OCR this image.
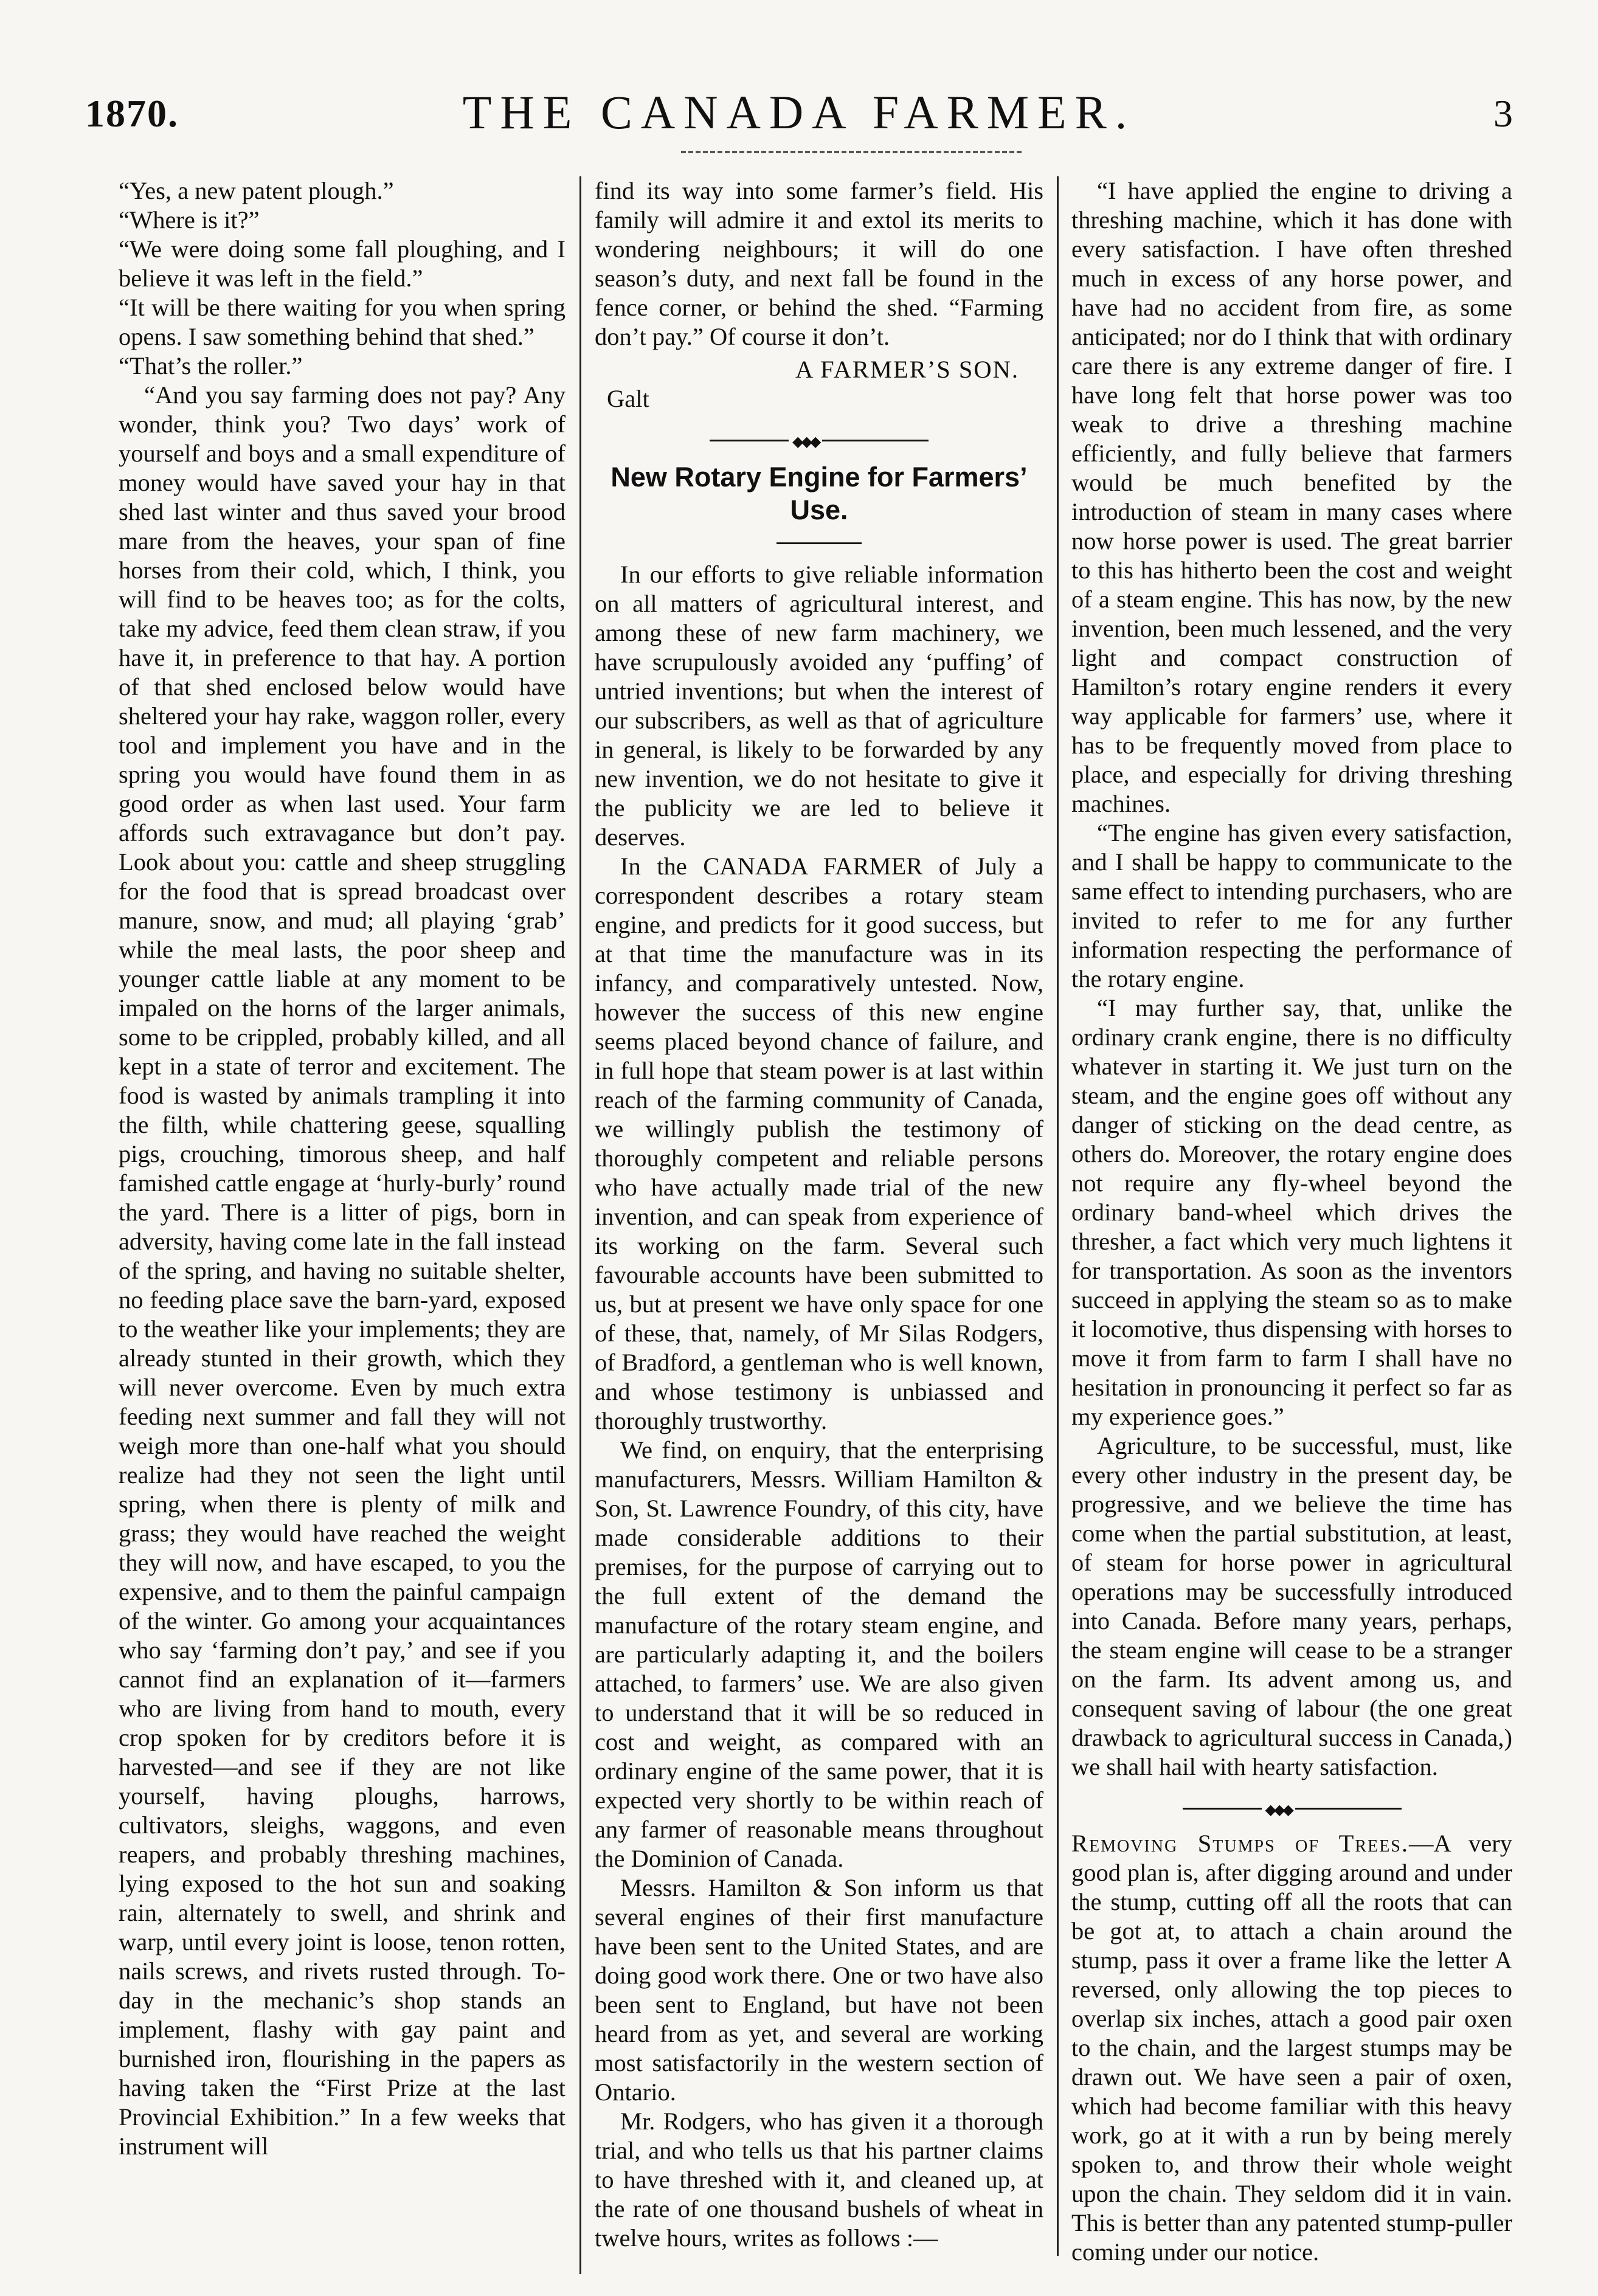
1870.	THE CANADA FARMER.	3

“Yes, a new patent plough.”

“Where is it?”

“We were doing some fall ploughing, and I believe it was left in the field.”

“It will be there waiting for you when spring opens. I saw something behind that shed.”

“That’s the roller.”

“And you say farming does not pay? Any wonder, think you? Two days’ work of yourself and boys and a small expenditure of money would have saved your hay in that shed last winter and thus saved your brood mare from the heaves, your span of fine horses from their cold, which, I think, you will find to be heaves too; as for the colts, take my advice, feed them clean straw, if you have it, in preference to that hay. A portion of that shed enclosed below would have sheltered your hay rake, waggon roller, every tool and implement you have and in the spring you would have found them in as good order as when last used. Your farm affords such extravagance but don’t pay. Look about you: cattle and sheep struggling for the food that is spread broadcast over manure, snow, and mud; all playing ‘grab’ while the meal lasts, the poor sheep and younger cattle liable at any moment to be impaled on the horns of the larger animals, some to be crippled, probably killed, and all kept in a state of terror and excitement. The food is wasted by animals trampling it into the filth, while chattering geese, squalling pigs, crouching, timorous sheep, and half famished cattle engage at ‘hurly-burly’ round the yard. There is a litter of pigs, born in adversity, having come late in the fall instead of the spring, and having no suitable shelter, no feeding place save the barn-yard, exposed to the weather like your implements; they are already stunted in their growth, which they will never overcome. Even by much extra feeding next summer and fall they will not weigh more than one-half what you should realize had they not seen the light until spring, when there is plenty of milk and grass; they would have reached the weight they will now, and have escaped, to you the expensive, and to them the painful campaign of the winter. Go among your acquaintances who say ‘farming don’t pay,’ and see if you cannot find an explanation of it—farmers who are living from hand to mouth, every crop spoken for by creditors before it is harvested—and see if they are not like yourself, having ploughs, harrows, cultivators, sleighs, waggons, and even reapers, and probably threshing machines, lying exposed to the hot sun and soaking rain, alternately to swell, and shrink and warp, until every joint is loose, tenon rotten, nails screws, and rivets rusted through. To-day in the mechanic’s shop stands an implement, flashy with gay paint and burnished iron, flourishing in the papers as having taken the “First Prize at the last Provincial Exhibition.” In a few weeks that instrument will

find its way into some farmer’s field. His family will admire it and extol its merits to wondering neighbours; it will do one season’s duty, and next fall be found in the fence corner, or behind the shed. “Farming don’t pay.” Of course it don’t.

A FARMER’S SON.
Galt
◆◆◆
New Rotary Engine for Farmers’ Use.

In our efforts to give reliable information on all matters of agricultural interest, and among these of new farm machinery, we have scrupulously avoided any ‘puffing’ of untried inventions; but when the interest of our subscribers, as well as that of agriculture in general, is likely to be forwarded by any new invention, we do not hesitate to give it the publicity we are led to believe it deserves.

In the CANADA FARMER of July a correspondent describes a rotary steam engine, and predicts for it good success, but at that time the manufacture was in its infancy, and comparatively untested. Now, however the success of this new engine seems placed beyond chance of failure, and in full hope that steam power is at last within reach of the farming community of Canada, we willingly publish the testimony of thoroughly competent and reliable persons who have actually made trial of the new invention, and can speak from experience of its working on the farm. Several such favourable accounts have been submitted to us, but at present we have only space for one of these, that, namely, of Mr Silas Rodgers, of Bradford, a gentleman who is well known, and whose testimony is unbiassed and thoroughly trustworthy.

We find, on enquiry, that the enterprising manufacturers, Messrs. William Hamilton & Son, St. Lawrence Foundry, of this city, have made considerable additions to their premises, for the purpose of carrying out to the full extent of the demand the manufacture of the rotary steam engine, and are particularly adapting it, and the boilers attached, to farmers’ use. We are also given to understand that it will be so reduced in cost and weight, as compared with an ordinary engine of the same power, that it is expected very shortly to be within reach of any farmer of reasonable means throughout the Dominion of Canada.

Messrs. Hamilton & Son inform us that several engines of their first manufacture have been sent to the United States, and are doing good work there. One or two have also been sent to England, but have not been heard from as yet, and several are working most satisfactorily in the western section of Ontario.

Mr. Rodgers, who has given it a thorough trial, and who tells us that his partner claims to have threshed with it, and cleaned up, at the rate of one thousand bushels of wheat in twelve hours, writes as follows :—

“I have applied the engine to driving a threshing machine, which it has done with every satisfaction. I have often threshed much in excess of any horse power, and have had no accident from fire, as some anticipated; nor do I think that with ordinary care there is any extreme danger of fire. I have long felt that horse power was too weak to drive a threshing machine efficiently, and fully believe that farmers would be much benefited by the introduction of steam in many cases where now horse power is used. The great barrier to this has hitherto been the cost and weight of a steam engine. This has now, by the new invention, been much lessened, and the very light and compact construction of Hamilton’s rotary engine renders it every way applicable for farmers’ use, where it has to be frequently moved from place to place, and especially for driving threshing machines.

“The engine has given every satisfaction, and I shall be happy to communicate to the same effect to intending purchasers, who are invited to refer to me for any further information respecting the performance of the rotary engine.

“I may further say, that, unlike the ordinary crank engine, there is no difficulty whatever in starting it. We just turn on the steam, and the engine goes off without any danger of sticking on the dead centre, as others do. Moreover, the rotary engine does not require any fly-wheel beyond the ordinary band-wheel which drives the thresher, a fact which very much lightens it for transportation. As soon as the inventors succeed in applying the steam so as to make it locomotive, thus dispensing with horses to move it from farm to farm I shall have no hesitation in pronouncing it perfect so far as my experience goes.”

Agriculture, to be successful, must, like every other industry in the present day, be progressive, and we believe the time has come when the partial substitution, at least, of steam for horse power in agricultural operations may be successfully introduced into Canada. Before many years, perhaps, the steam engine will cease to be a stranger on the farm. Its advent among us, and consequent saving of labour (the one great drawback to agricultural success in Canada,) we shall hail with hearty satisfaction.

◆◆◆

Removing Stumps of Trees.—A very good plan is, after digging around and under the stump, cutting off all the roots that can be got at, to attach a chain around the stump, pass it over a frame like the letter A reversed, only allowing the top pieces to overlap six inches, attach a good pair oxen to the chain, and the largest stumps may be drawn out. We have seen a pair of oxen, which had become familiar with this heavy work, go at it with a run by being merely spoken to, and throw their whole weight upon the chain. They seldom did it in vain. This is better than any patented stump-puller coming under our notice.
